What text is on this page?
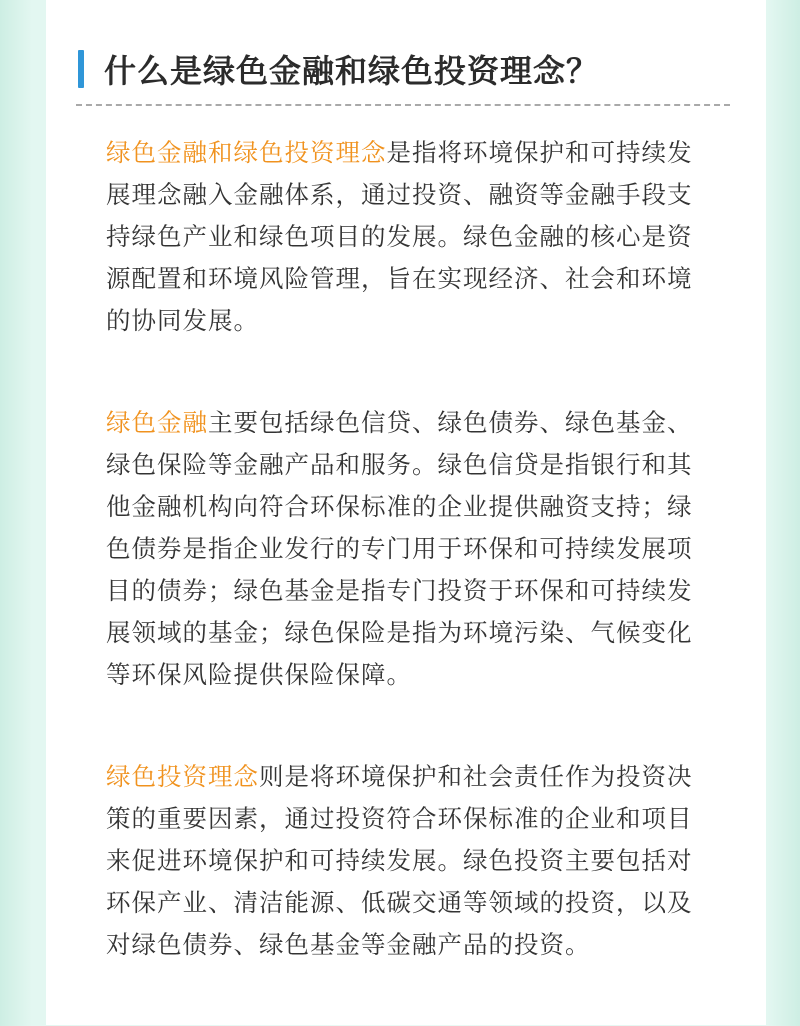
什么是绿色金融和绿色投资理念？

绿色金融和绿色投资理念是指将环境保护和可持续发展理念融入金融体系，通过投资、融资等金融手段支持绿色产业和绿色项目的发展。绿色金融的核心是资源配置和环境风险管理，旨在实现经济、社会和环境的协同发展。

绿色金融主要包括绿色信贷、绿色债券、绿色基金、绿色保险等金融产品和服务。绿色信贷是指银行和其他金融机构向符合环保标准的企业提供融资支持；绿色债券是指企业发行的专门用于环保和可持续发展项目的债券；绿色基金是指专门投资于环保和可持续发展领域的基金；绿色保险是指为环境污染、气候变化等环保风险提供保险保障。

绿色投资理念则是将环境保护和社会责任作为投资决策的重要因素，通过投资符合环保标准的企业和项目来促进环境保护和可持续发展。绿色投资主要包括对环保产业、清洁能源、低碳交通等领域的投资，以及对绿色债券、绿色基金等金融产品的投资。
